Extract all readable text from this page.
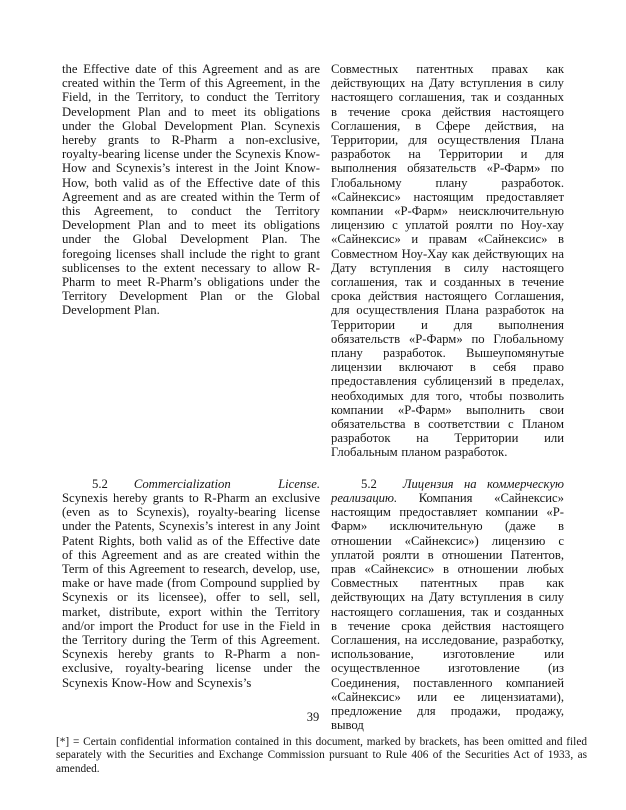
the Effective date of this Agreement and as are created within the Term of this Agreement, in the Field, in the Territory, to conduct the Territory Development Plan and to meet its obligations under the Global Development Plan. Scynexis hereby grants to R-Pharm a non-exclusive, royalty-bearing license under the Scynexis Know-How and Scynexis’s interest in the Joint Know-How, both valid as of the Effective date of this Agreement and as are created within the Term of this Agreement, to conduct the Territory Development Plan and to meet its obligations under the Global Development Plan. The foregoing licenses shall include the right to grant sublicenses to the extent necessary to allow R-Pharm to meet R-Pharm’s obligations under the Territory Development Plan or the Global Development Plan.
Совместных патентных правах как действующих на Дату вступления в силу настоящего соглашения, так и созданных в течение срока действия настоящего Соглашения, в Сфере действия, на Территории, для осуществления Плана разработок на Территории и для выполнения обязательств «Р-Фарм» по Глобальному плану разработок. «Сайнексис» настоящим предоставляет компании «Р-Фарм» неисключительную лицензию с уплатой роялти по Ноу-хау «Сайнексис» и правам «Сайнексис» в Совместном Ноу-Хау как действующих на Дату вступления в силу настоящего соглашения, так и созданных в течение срока действия настоящего Соглашения, для осуществления Плана разработок на Территории и для выполнения обязательств «Р-Фарм» по Глобальному плану разработок. Вышеупомянутые лицензии включают в себя право предоставления сублицензий в пределах, необходимых для того, чтобы позволить компании «Р-Фарм» выполнить свои обязательства в соответствии с Планом разработок на Территории или Глобальным планом разработок.
5.2 Commercialization License. Scynexis hereby grants to R-Pharm an exclusive (even as to Scynexis), royalty-bearing license under the Patents, Scynexis’s interest in any Joint Patent Rights, both valid as of the Effective date of this Agreement and as are created within the Term of this Agreement to research, develop, use, make or have made (from Compound supplied by Scynexis or its licensee), offer to sell, sell, market, distribute, export within the Territory and/or import the Product for use in the Field in the Territory during the Term of this Agreement. Scynexis hereby grants to R-Pharm a non-exclusive, royalty-bearing license under the Scynexis Know-How and Scynexis’s
5.2 Лицензия на коммерческую реализацию. Компания «Сайнексис» настоящим предоставляет компании «Р-Фарм» исключительную (даже в отношении «Сайнексис») лицензию с уплатой роялти в отношении Патентов, прав «Сайнексис» в отношении любых Совместных патентных прав как действующих на Дату вступления в силу настоящего соглашения, так и созданных в течение срока действия настоящего Соглашения, на исследование, разработку, использование, изготовление или осуществленное изготовление (из Соединения, поставленного компанией «Сайнексис» или ее лицензиатами), предложение для продажи, продажу, вывод
39
[*] = Certain confidential information contained in this document, marked by brackets, has been omitted and filed separately with the Securities and Exchange Commission pursuant to Rule 406 of the Securities Act of 1933, as amended.
